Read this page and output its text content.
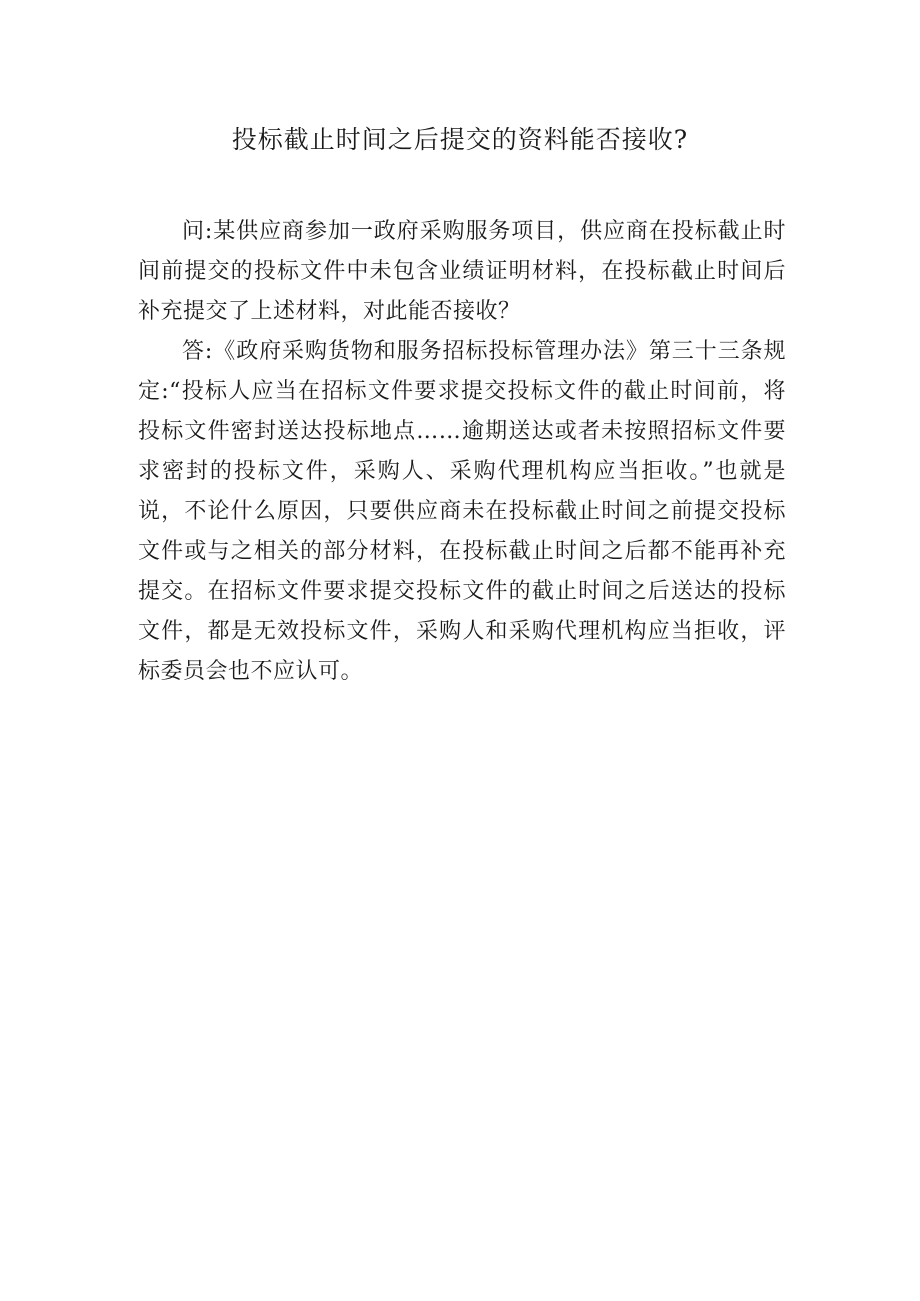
投标截止时间之后提交的资料能否接收?

问:某供应商参加一政府采购服务项目，供应商在投标截止时间前提交的投标文件中未包含业绩证明材料，在投标截止时间后补充提交了上述材料，对此能否接收？

答:《政府采购货物和服务招标投标管理办法》第三十三条规定:“投标人应当在招标文件要求提交投标文件的截止时间前，将投标文件密封送达投标地点……逾期送达或者未按照招标文件要求密封的投标文件，采购人、采购代理机构应当拒收。”也就是说，不论什么原因，只要供应商未在投标截止时间之前提交投标文件或与之相关的部分材料，在投标截止时间之后都不能再补充提交。在招标文件要求提交投标文件的截止时间之后送达的投标文件，都是无效投标文件，采购人和采购代理机构应当拒收，评标委员会也不应认可。
